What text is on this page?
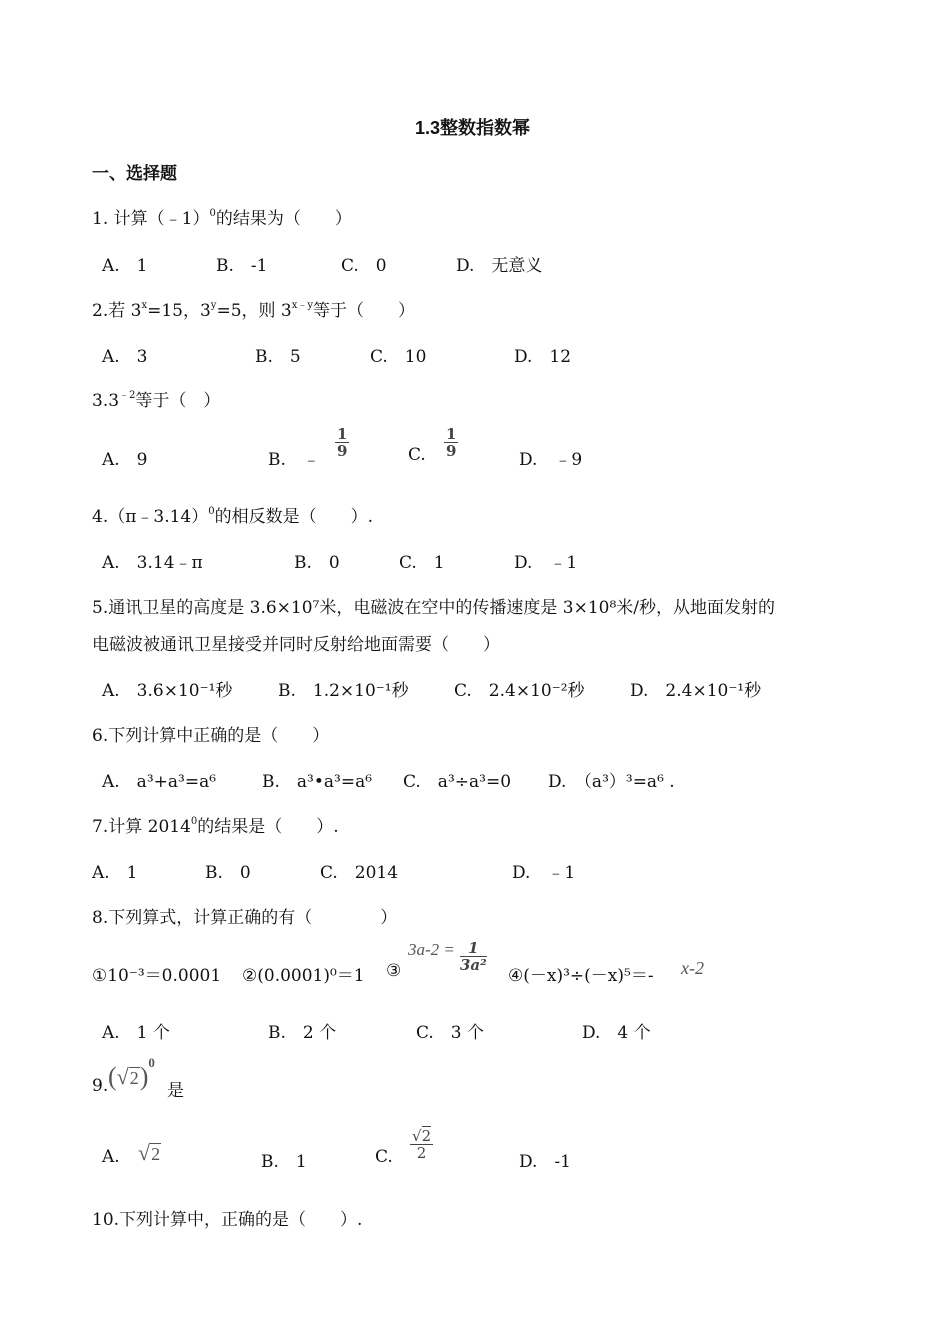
1.3整数指数幂
一、选择题
1. 计算（﹣1）$^0$的结果为（　　）
A.　1	B.　-1	C.　0	D.　无意义
2.若 $3^x=15$，$3^y=5$，则 $3^{x﹣y}$等于（　　）
A.　3	B.　5	C.　10	D.　12
$3.3^{﹣2}$等于（　）
A.　9	B.　﹣ $\frac{1}{9}$	C. $\frac{1}{9}$	D.　﹣9
4.（π﹣3.14）$^0$的相反数是（　　）.
A.　3.14﹣π	B.　0	C.　1	D.　﹣1
5.通讯卫星的高度是 3.6×10⁷米，电磁波在空中的传播速度是 3×10⁸米/秒，从地面发射的
电磁波被通讯卫星接受并同时反射给地面需要（　　）
A.　3.6×10⁻¹秒	B.　1.2×10⁻¹秒	C.　2.4×10⁻²秒	D.　2.4×10⁻¹秒
6.下列计算中正确的是（　　）
A.　a³+a³=a⁶	B.　a³•a³=a⁶ C.　a³÷a³=0 D.　（a³）³=a⁶ .
7.计算 2014$^0$的结果是（　　）.
A.　1	B.　0	C.　2014	D.　﹣1
8.下列算式，计算正确的有（　　　　）
①10⁻³＝0.0001 ②(0.0001)⁰＝1 ③
$3a-2 = \frac{1}{\text{3a²}}$
④(－x)³÷(－x)⁵＝- x-2
A.　1 个	B.　2 个	C.　3 个	D.　4 个
9. $(√2)^0$
是
A. √2	B.　1	C. $\frac{√2}{2}$	D.　-1
10.下列计算中，正确的是（　　）.
